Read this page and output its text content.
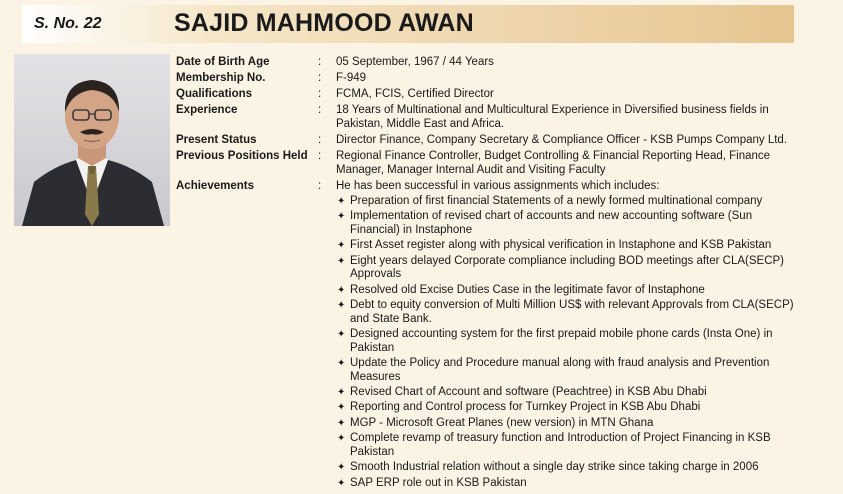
S. No. 22	SAJID MAHMOOD AWAN
Date of Birth Age	:	05 September, 1967 / 44 Years
Membership No.	:	F-949
Qualifications	:	FCMA, FCIS, Certified Director
Experience	:	18 Years of Multinational and Multicultural Experience in Diversified business fields in Pakistan, Middle East and Africa.
Present Status	:	Director Finance, Company Secretary & Compliance Officer - KSB Pumps Company Ltd.
Previous Positions Held :	Regional Finance Controller, Budget Controlling & Financial Reporting Head, Finance Manager, Manager Internal Audit and Visiting Faculty
Achievements	:	He has been successful in various assignments which includes:
✦ Preparation of first financial Statements of a newly formed multinational company
✦ Implementation of revised chart of accounts and new accounting software (Sun Financial) in Instaphone
✦ First Asset register along with physical verification in Instaphone and KSB Pakistan
✦ Eight years delayed Corporate compliance including BOD meetings after CLA(SECP) Approvals
✦ Resolved old Excise Duties Case in the legitimate favor of Instaphone
✦ Debt to equity conversion of Multi Million US$ with relevant Approvals from CLA(SECP) and State Bank.
✦ Designed accounting system for the first prepaid mobile phone cards (Insta One) in Pakistan
✦ Update the Policy and Procedure manual along with fraud analysis and Prevention Measures
✦ Revised Chart of Account and software (Peachtree) in KSB Abu Dhabi
✦ Reporting and Control process for Turnkey Project in KSB Abu Dhabi
✦ MGP - Microsoft Great Planes (new version) in MTN Ghana
✦ Complete revamp of treasury function and Introduction of Project Financing in KSB Pakistan
✦ Smooth Industrial relation without a single day strike since taking charge in 2006
✦ SAP ERP role out in KSB Pakistan
